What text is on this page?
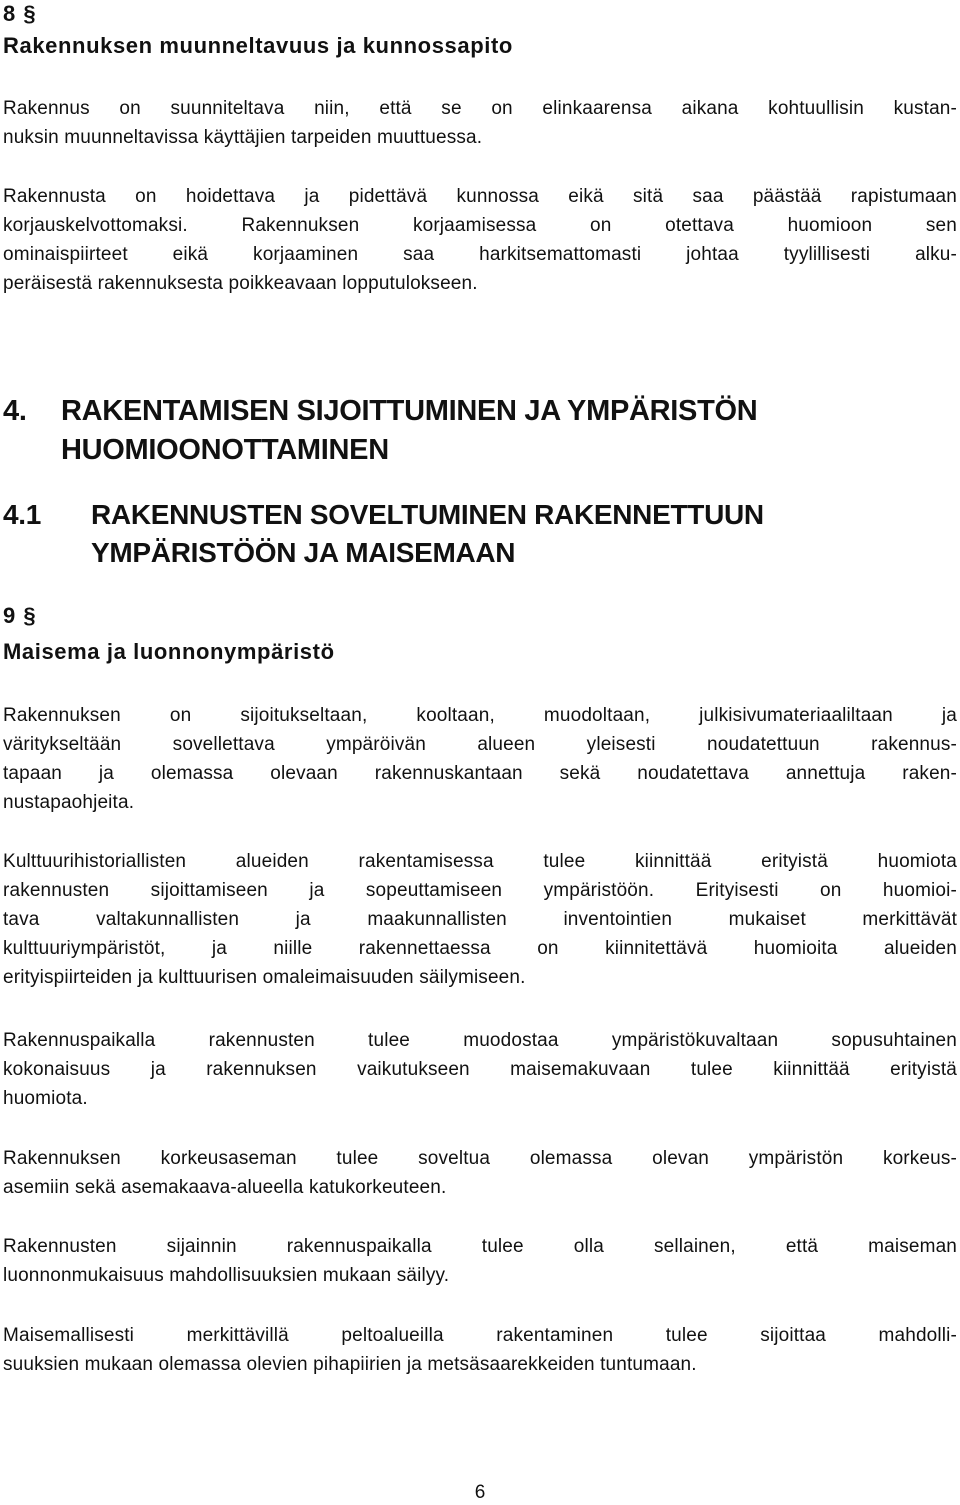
8 §
Rakennuksen muunneltavuus ja kunnossapito
Rakennus on suunniteltava niin, että se on elinkaarensa aikana kohtuullisin kustan-
nuksin muunneltavissa käyttäjien tarpeiden muuttuessa.
Rakennusta on hoidettava ja pidettävä kunnossa eikä sitä saa päästää rapistumaan
korjauskelvottomaksi. Rakennuksen korjaamisessa on otettava huomioon sen
ominaispiirteet eikä korjaaminen saa harkitsemattomasti johtaa tyylillisesti alku-
peräisestä rakennuksesta poikkeavaan lopputulokseen.
4. RAKENTAMISEN SIJOITTUMINEN JA YMPÄRISTÖN
HUOMIOONOTTAMINEN
4.1 RAKENNUSTEN SOVELTUMINEN RAKENNETTUUN
YMPÄRISTÖÖN JA MAISEMAAN
9 §
Maisema ja luonnonympäristö
Rakennuksen on sijoitukseltaan, kooltaan, muodoltaan, julkisivumateriaaliltaan ja
väritykseltään sovellettava ympäröivän alueen yleisesti noudatettuun rakennus-
tapaan ja olemassa olevaan rakennuskantaan sekä noudatettava annettuja raken-
nustapaohjeita.
Kulttuurihistoriallisten alueiden rakentamisessa tulee kiinnittää erityistä huomiota
rakennusten sijoittamiseen ja sopeuttamiseen ympäristöön. Erityisesti on huomioi-
tava valtakunnallisten ja maakunnallisten inventointien mukaiset merkittävät
kulttuuriympäristöt, ja niille rakennettaessa on kiinnitettävä huomioita alueiden
erityispiirteiden ja kulttuurisen omaleimaisuuden säilymiseen.
Rakennuspaikalla rakennusten tulee muodostaa ympäristökuvaltaan sopusuhtainen
kokonaisuus ja rakennuksen vaikutukseen maisemakuvaan tulee kiinnittää erityistä
huomiota.
Rakennuksen korkeusaseman tulee soveltua olemassa olevan ympäristön korkeus-
asemiin sekä asemakaava-alueella katukorkeuteen.
Rakennusten sijainnin rakennuspaikalla tulee olla sellainen, että maiseman
luonnonmukaisuus mahdollisuuksien mukaan säilyy.
Maisemallisesti merkittävillä peltoalueilla rakentaminen tulee sijoittaa mahdolli-
suuksien mukaan olemassa olevien pihapiirien ja metsäsaarekkeiden tuntumaan.
6
